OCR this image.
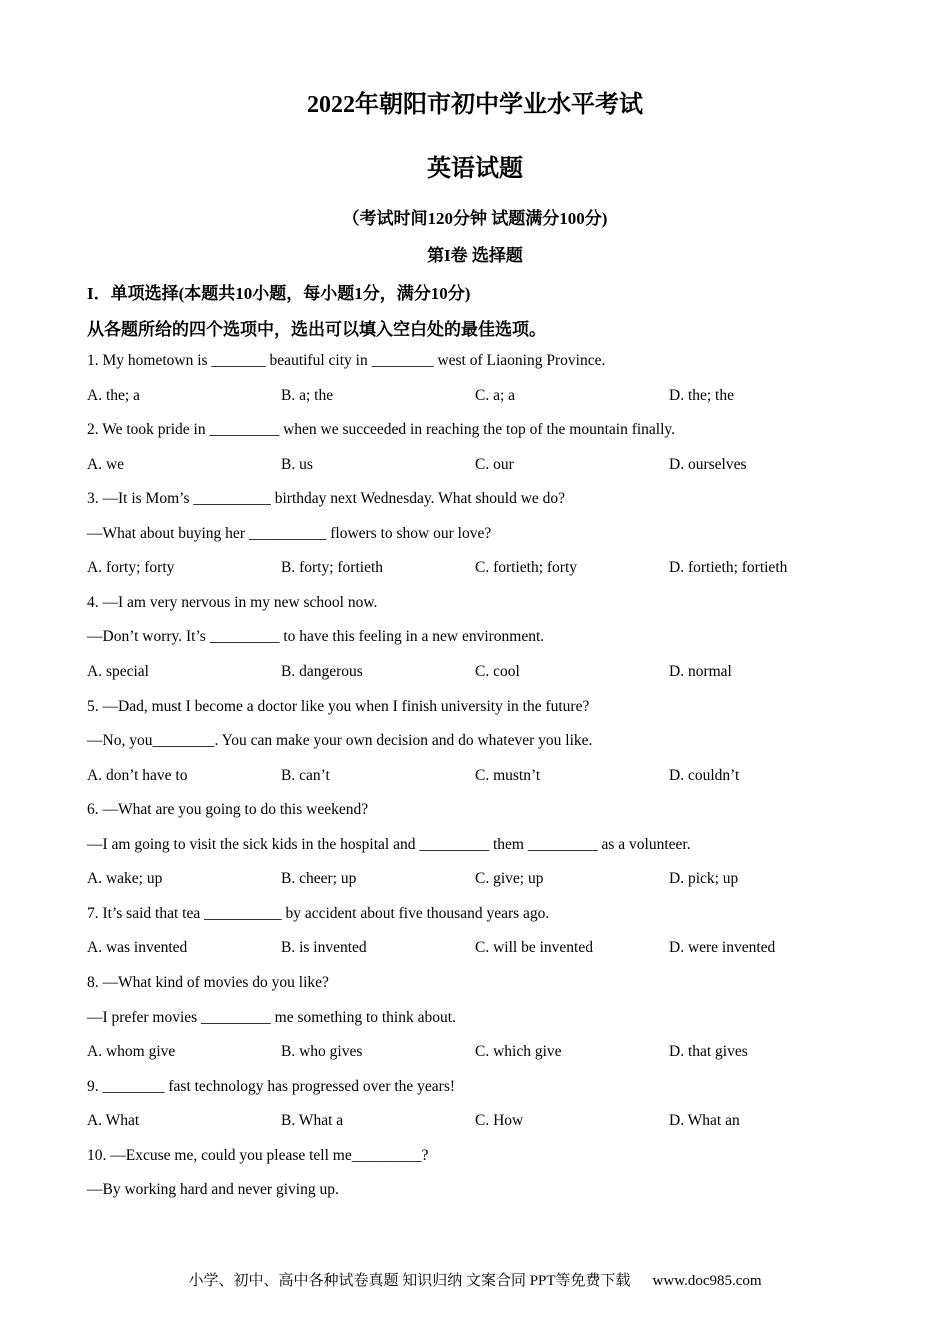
2022年朝阳市初中学业水平考试
英语试题
（考试时间120分钟 试题满分100分)
第I卷 选择题
I．单项选择(本题共10小题，每小题1分，满分10分)
从各题所给的四个选项中，选出可以填入空白处的最佳选项。
1. My hometown is _______ beautiful city in ________ west of Liaoning Province.
A. the; a	B. a; the	C. a; a	D. the; the
2. We took pride in _________ when we succeeded in reaching the top of the mountain finally.
A. we	B. us	C. our	D. ourselves
3. —It is Mom’s __________ birthday next Wednesday. What should we do?
—What about buying her __________ flowers to show our love?
A. forty; forty	B. forty; fortieth	C. fortieth; forty	D. fortieth; fortieth
4. —I am very nervous in my new school now.
—Don’t worry. It’s _________ to have this feeling in a new environment.
A. special	B. dangerous	C. cool	D. normal
5. —Dad, must I become a doctor like you when I finish university in the future?
—No, you________. You can make your own decision and do whatever you like.
A. don’t have to	B. can’t	C. mustn’t	D. couldn’t
6. —What are you going to do this weekend?
—I am going to visit the sick kids in the hospital and _________ them _________ as a volunteer.
A. wake; up	B. cheer; up	C. give; up	D. pick; up
7. It’s said that tea __________ by accident about five thousand years ago.
A. was invented	B. is invented	C. will be invented	D. were invented
8. —What kind of movies do you like?
—I prefer movies _________ me something to think about.
A. whom give	B. who gives	C. which give	D. that gives
9. ________ fast technology has progressed over the years!
A. What	B. What a	C. How	D. What an
10. —Excuse me, could you please tell me_________?
—By working hard and never giving up.
小学、初中、高中各种试卷真题 知识归纳 文案合同 PPT等免费下载 www.doc985.com
